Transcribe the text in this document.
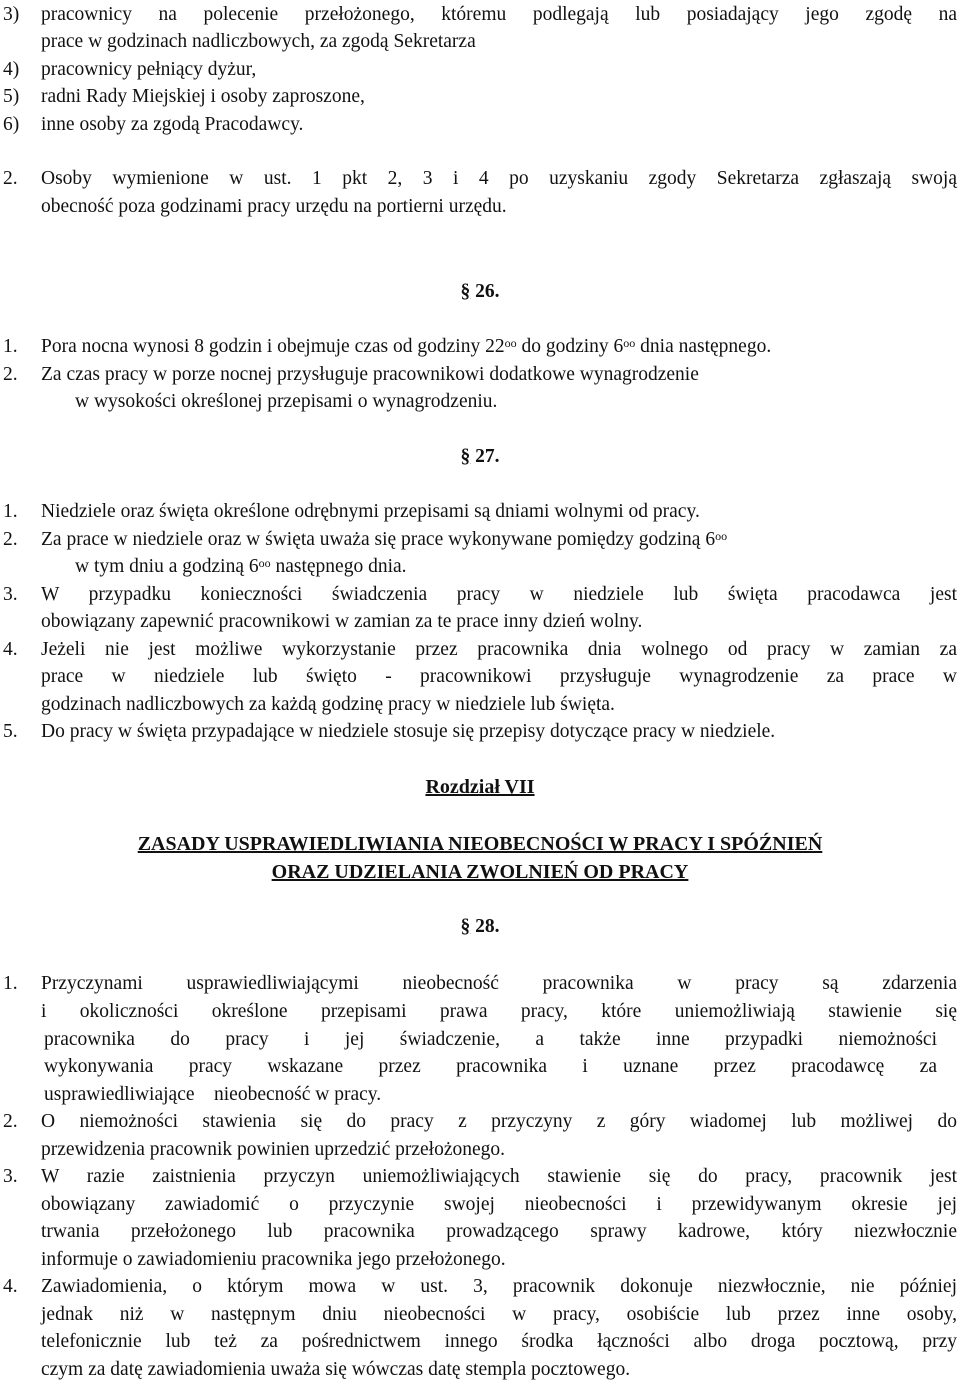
3) pracownicy na polecenie przełożonego, któremu podlegają lub posiadający jego zgodę na
prace w godzinach nadliczbowych, za zgodą Sekretarza
4) pracownicy pełniący dyżur,
5) radni Rady Miejskiej i osoby zaproszone,
6) inne osoby za zgodą Pracodawcy.
2. Osoby wymienione w ust. 1 pkt 2, 3 i 4 po uzyskaniu zgody Sekretarza zgłaszają swoją
obecność poza godzinami pracy urzędu na portierni urzędu.
§ 26.
1. Pora nocna wynosi 8 godzin i obejmuje czas od godziny $22^{oo}$ do godziny $6^{oo}$ dnia następnego.
2. Za czas pracy w porze nocnej przysługuje pracownikowi dodatkowe wynagrodzenie
w wysokości określonej przepisami o wynagrodzeniu.
§ 27.
1. Niedziele oraz święta określone odrębnymi przepisami są dniami wolnymi od pracy.
2. Za prace w niedziele oraz w święta uważa się prace wykonywane pomiędzy godziną $6^{oo}$
w tym dniu a godziną $6^{oo}$ następnego dnia.
3. W przypadku konieczności świadczenia pracy w niedziele lub święta pracodawca jest
obowiązany zapewnić pracownikowi w zamian za te prace inny dzień wolny.
4. Jeżeli nie jest możliwe wykorzystanie przez pracownika dnia wolnego od pracy w zamian za
prace w niedziele lub święto - pracownikowi przysługuje wynagrodzenie za prace w
godzinach nadliczbowych za każdą godzinę pracy w niedziele lub święta.
5. Do pracy w święta przypadające w niedziele stosuje się przepisy dotyczące pracy w niedziele.
Rozdział VII
ZASADY USPRAWIEDLIWIANIA NIEOBECNOŚCI W PRACY I SPÓŹNIEŃ
ORAZ UDZIELANIA ZWOLNIEŃ OD PRACY
§ 28.
1. Przyczynami usprawiedliwiającymi nieobecność pracownika w pracy są zdarzenia
i okoliczności określone przepisami prawa pracy, które uniemożliwiają stawienie się
pracownika do pracy i jej świadczenie, a także inne przypadki niemożności
wykonywania pracy wskazane przez pracownika i uznane przez pracodawcę za
usprawiedliwiające    nieobecność w pracy.
2. O niemożności stawienia się do pracy z przyczyny z góry wiadomej lub możliwej do
przewidzenia pracownik powinien uprzedzić przełożonego.
3. W razie zaistnienia przyczyn uniemożliwiających stawienie się do pracy, pracownik jest
obowiązany zawiadomić o przyczynie swojej nieobecności i przewidywanym okresie jej
trwania przełożonego lub pracownika prowadzącego sprawy kadrowe, który niezwłocznie
informuje o zawiadomieniu pracownika jego przełożonego.
4. Zawiadomienia, o którym mowa w ust. 3, pracownik dokonuje niezwłocznie, nie później
jednak niż w następnym dniu nieobecności w pracy, osobiście lub przez inne osoby,
telefonicznie lub też za pośrednictwem innego środka łączności albo droga pocztową, przy
czym za datę zawiadomienia uważa się wówczas datę stempla pocztowego.
